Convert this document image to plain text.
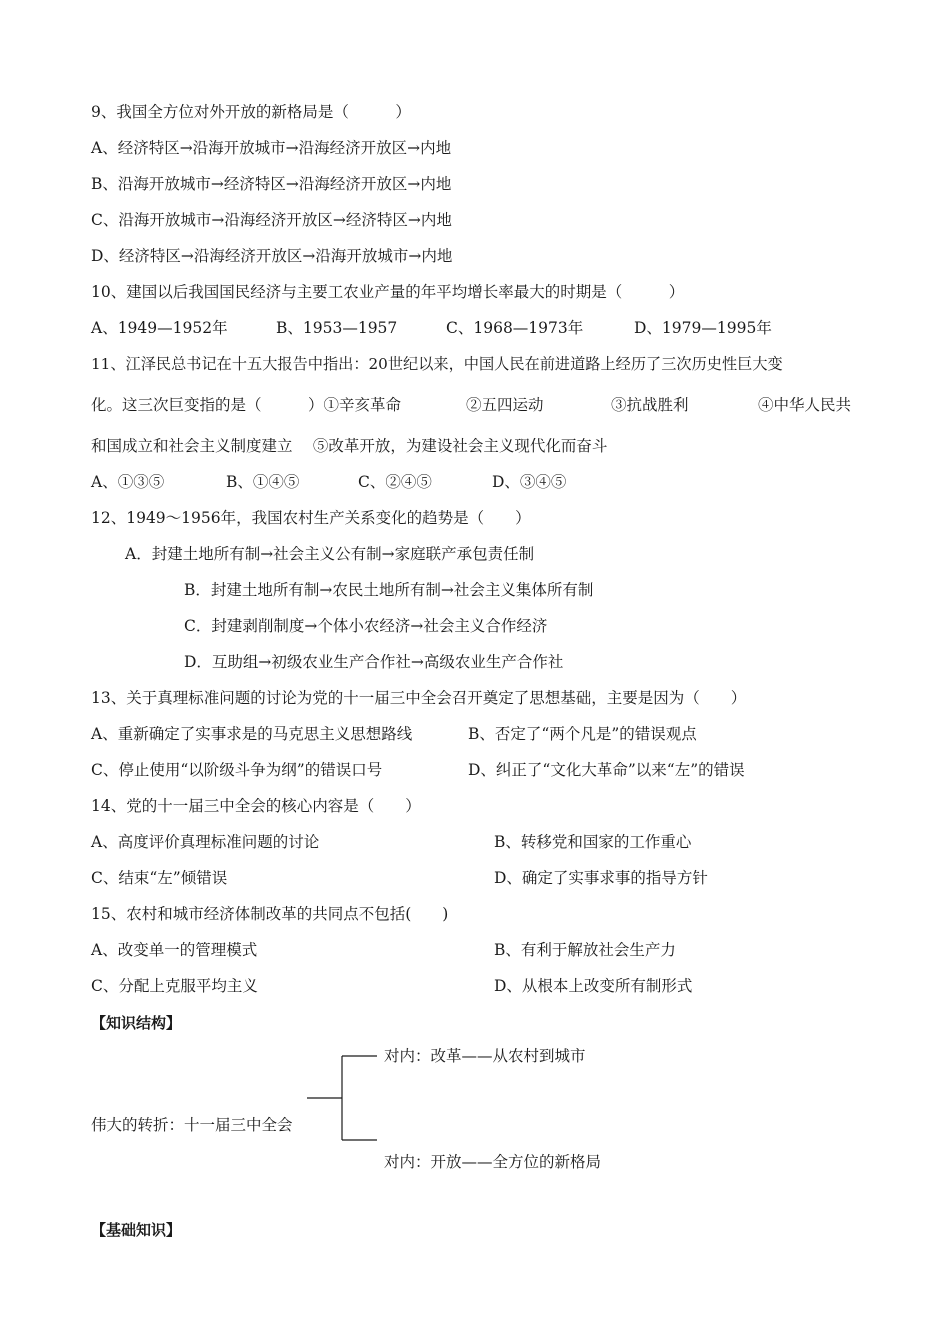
9、我国全方位对外开放的新格局是（　　　）
A、经济特区→沿海开放城市→沿海经济开放区→内地
B、沿海开放城市→经济特区→沿海经济开放区→内地
C、沿海开放城市→沿海经济开放区→经济特区→内地
D、经济特区→沿海经济开放区→沿海开放城市→内地
10、建国以后我国国民经济与主要工农业产量的年平均增长率最大的时期是（　　　）
A、1949—1952年	B、1953—1957	C、1968—1973年	D、1979—1995年
11、江泽民总书记在十五大报告中指出：20世纪以来，中国人民在前进道路上经历了三次历史性巨大变
化。这三次巨变指的是（　　　）①辛亥革命	②五四运动	③抗战胜利	④中华人民共
和国成立和社会主义制度建立　 ⑤改革开放，为建设社会主义现代化而奋斗
A、①③⑤	B、①④⑤	C、②④⑤	D、③④⑤
12、1949～1956年，我国农村生产关系变化的趋势是（　　）
A．封建土地所有制→社会主义公有制→家庭联产承包责任制
B．封建土地所有制→农民土地所有制→社会主义集体所有制
C．封建剥削制度→个体小农经济→社会主义合作经济
D．互助组→初级农业生产合作社→高级农业生产合作社
13、关于真理标准问题的讨论为党的十一届三中全会召开奠定了思想基础，主要是因为（　　）
A、重新确定了实事求是的马克思主义思想路线	B、否定了“两个凡是”的错误观点
C、停止使用“以阶级斗争为纲”的错误口号	D、纠正了“文化大革命”以来“左”的错误
14、党的十一届三中全会的核心内容是（　　）
A、高度评价真理标准问题的讨论	B、转移党和国家的工作重心
C、结束“左”倾错误	D、确定了实事求事的指导方针
15、农村和城市经济体制改革的共同点不包括(　　)
A、改变单一的管理模式	B、有利于解放社会生产力
C、分配上克服平均主义	D、从根本上改变所有制形式
【知识结构】
对内：改革——从农村到城市
伟大的转折：十一届三中全会
对内：开放——全方位的新格局
【基础知识】
